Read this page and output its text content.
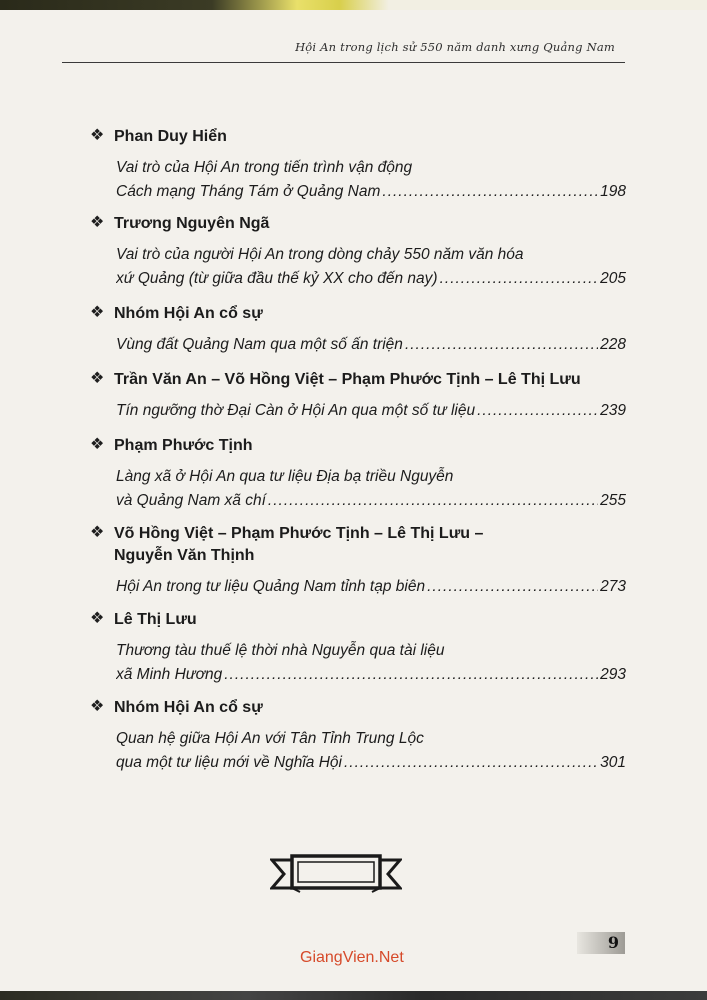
Hội An trong lịch sử 550 năm danh xưng Quảng Nam
❖ Phan Duy Hiển
Vai trò của Hội An trong tiến trình vận động
Cách mạng Tháng Tám ở Quảng Nam .....	198
❖ Trương Nguyên Ngã
Vai trò của người Hội An trong dòng chảy 550 năm văn hóa
xứ Quảng (từ giữa đầu thế kỷ XX cho đến nay) .....	205
❖ Nhóm Hội An cổ sự
Vùng đất Quảng Nam qua một số ấn triện .....	228
❖ Trần Văn An – Võ Hồng Việt – Phạm Phước Tịnh – Lê Thị Lưu
Tín ngưỡng thờ Đại Càn ở Hội An qua một số tư liệu .....	239
❖ Phạm Phước Tịnh
Làng xã ở Hội An qua tư liệu Địa bạ triều Nguyễn
và Quảng Nam xã chí .....	255
❖ Võ Hồng Việt – Phạm Phước Tịnh – Lê Thị Lưu –
Nguyễn Văn Thịnh
Hội An trong tư liệu Quảng Nam tỉnh tạp biên .....	273
❖ Lê Thị Lưu
Thương tàu thuế lệ thời nhà Nguyễn qua tài liệu
xã Minh Hương .....	293
❖ Nhóm Hội An cổ sự
Quan hệ giữa Hội An với Tân Tỉnh Trung Lộc
qua một tư liệu mới về Nghĩa Hội .....	301
9
GiangVien.Net
